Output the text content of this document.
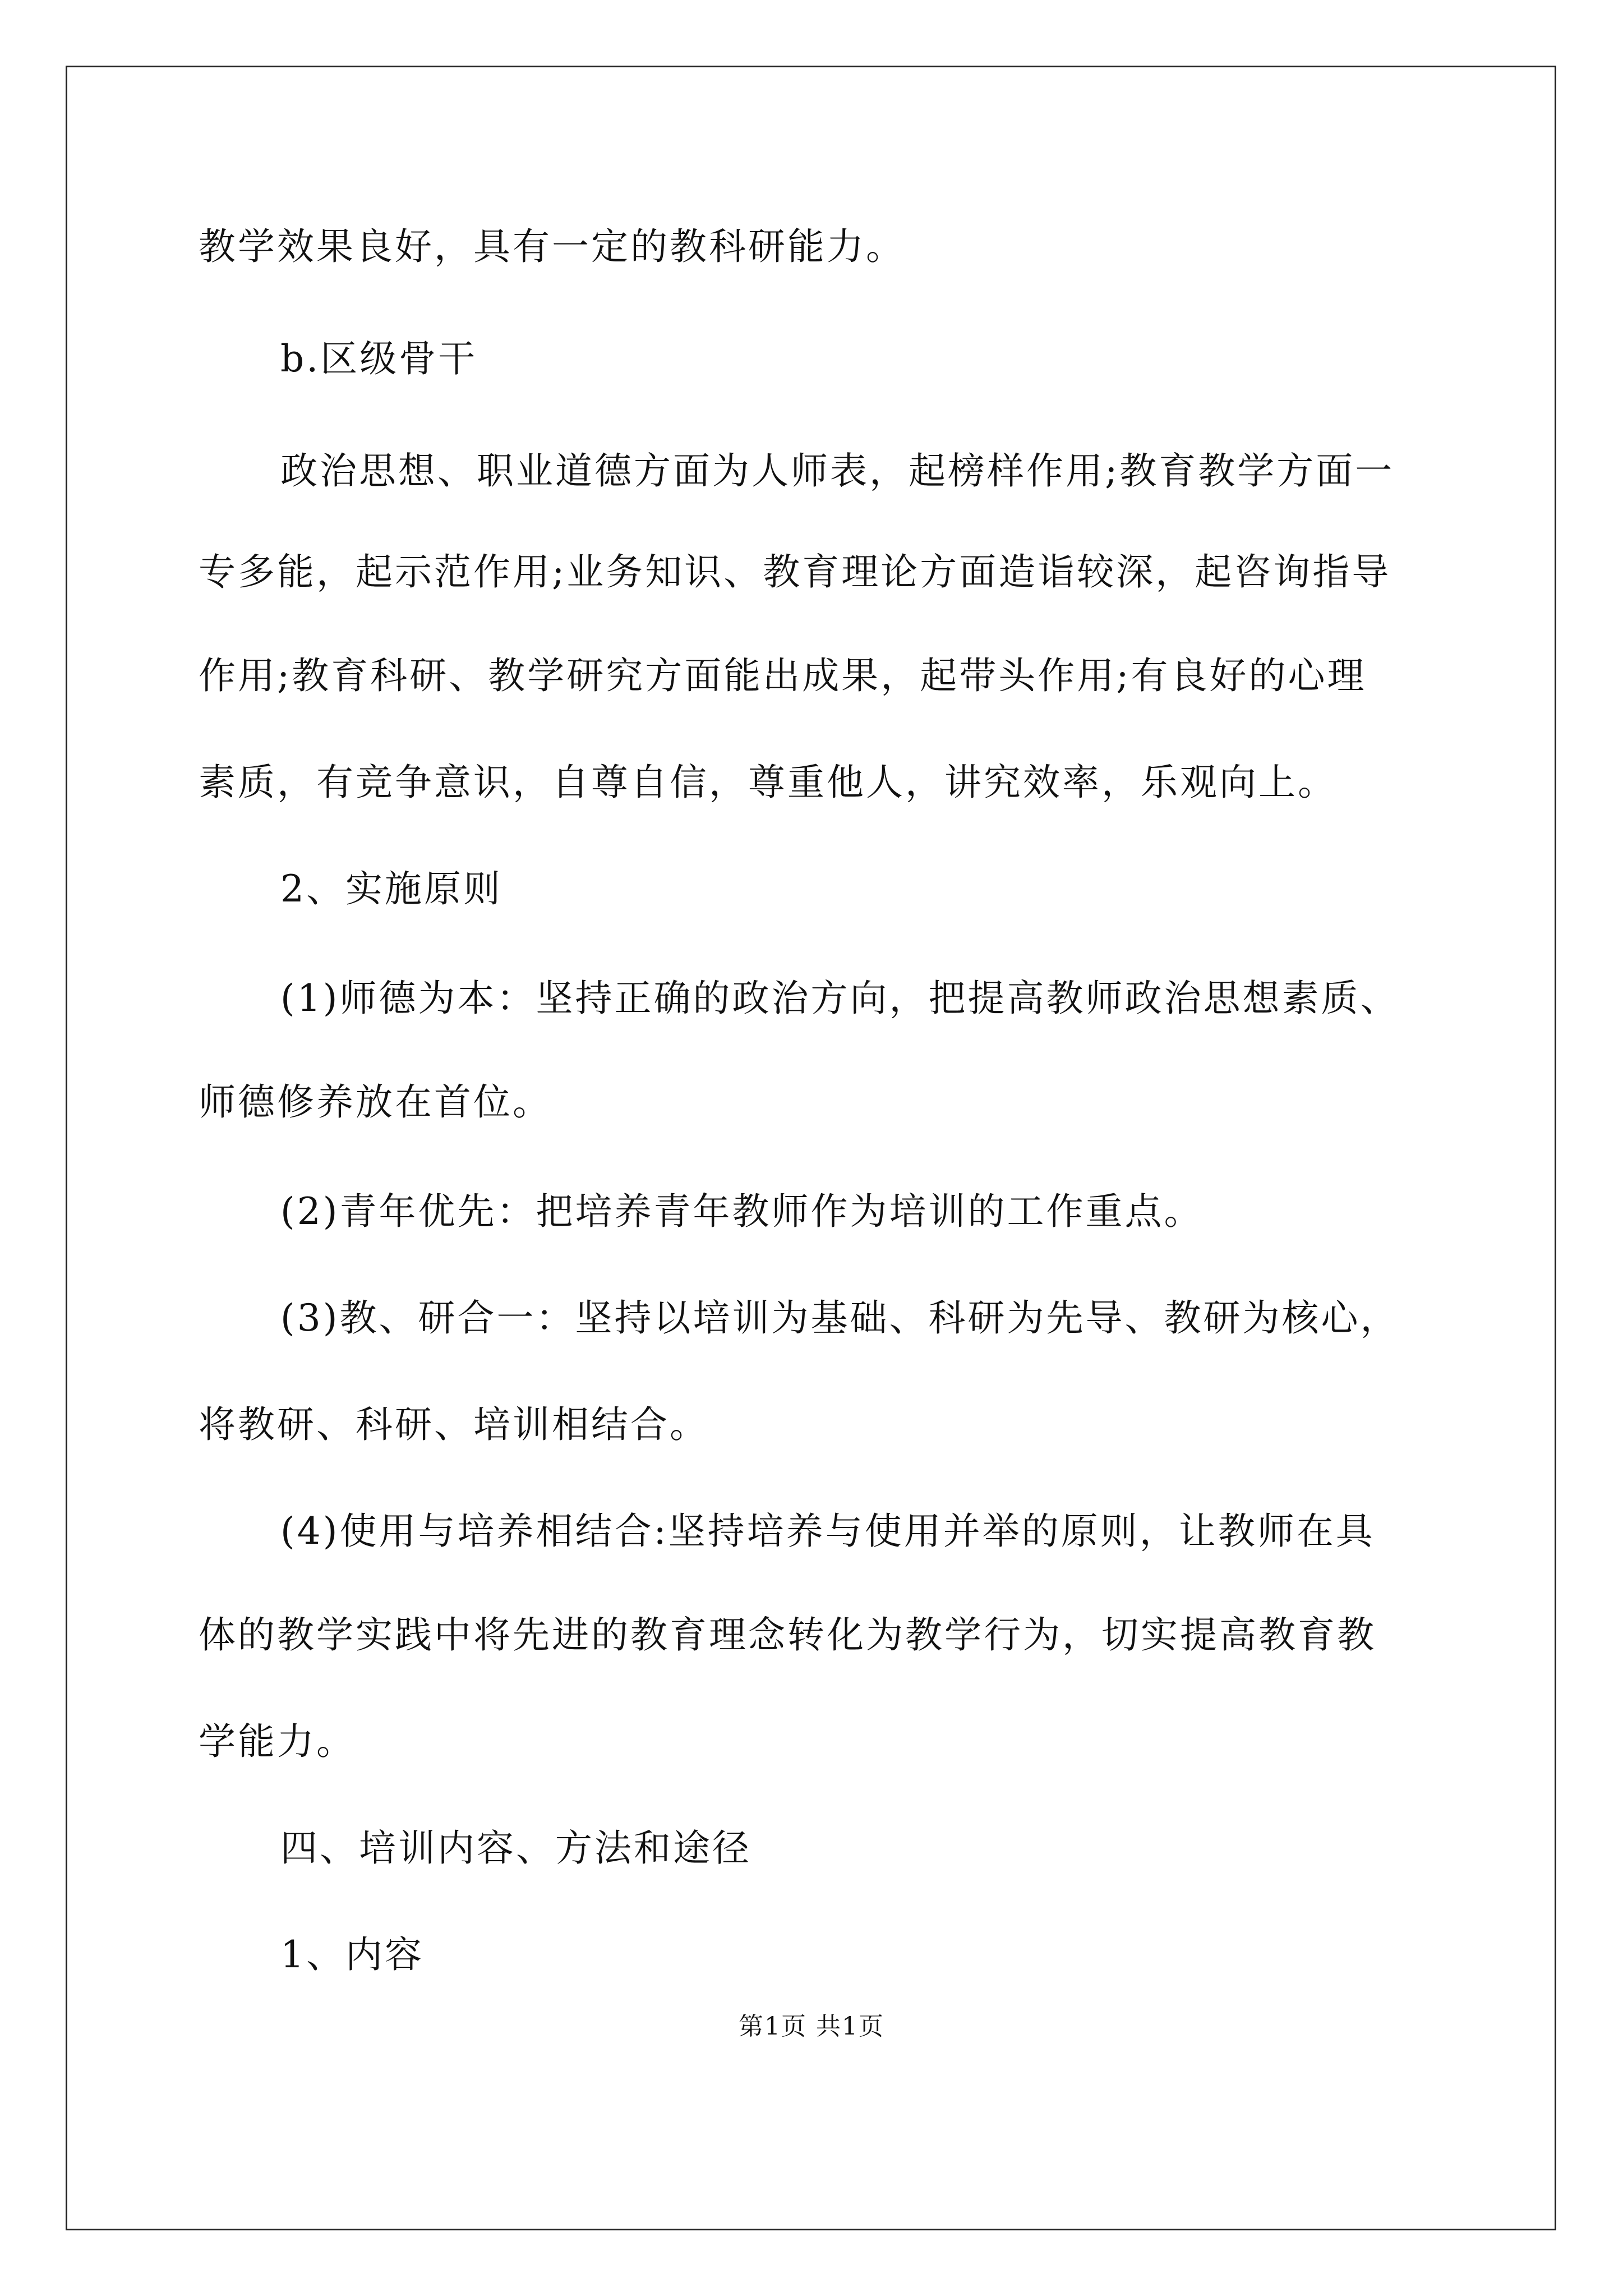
教学效果良好，具有一定的教科研能力。
b.区级骨干
政治思想、职业道德方面为人师表，起榜样作用;教育教学方面一
专多能，起示范作用;业务知识、教育理论方面造诣较深，起咨询指导
作用;教育科研、教学研究方面能出成果，起带头作用;有良好的心理
素质，有竞争意识，自尊自信，尊重他人，讲究效率，乐观向上。
2、实施原则
(1)师德为本：坚持正确的政治方向，把提高教师政治思想素质、
师德修养放在首位。
(2)青年优先：把培养青年教师作为培训的工作重点。
(3)教、研合一：坚持以培训为基础、科研为先导、教研为核心，
将教研、科研、培训相结合。
(4)使用与培养相结合:坚持培养与使用并举的原则，让教师在具
体的教学实践中将先进的教育理念转化为教学行为，切实提高教育教
学能力。
四、培训内容、方法和途径
1、内容
第1页 共1页
